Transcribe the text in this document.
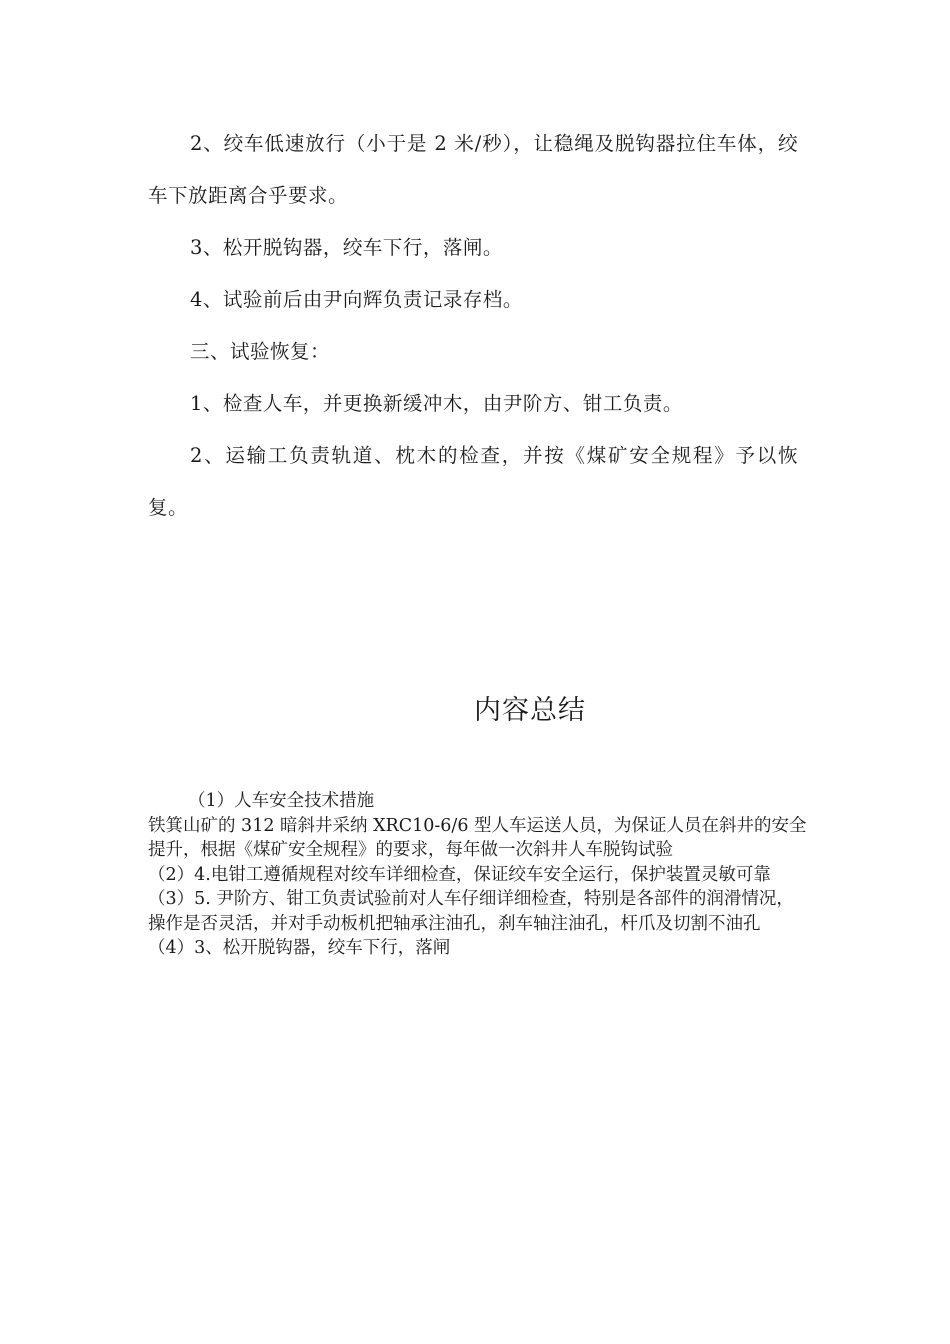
2、绞车低速放行（小于是 2 米/秒），让稳绳及脱钩器拉住车体，绞车下放距离合乎要求。

3、松开脱钩器，绞车下行，落闸。

4、试验前后由尹向辉负责记录存档。

三、试验恢复：

1、检查人车，并更换新缓冲木，由尹阶方、钳工负责。

2、运输工负责轨道、枕木的检查，并按《煤矿安全规程》予以恢复。

内容总结

（1）人车安全技术措施

铁箕山矿的 312 暗斜井采纳 XRC10-6/6 型人车运送人员，为保证人员在斜井的安全提升，根据《煤矿安全规程》的要求，每年做一次斜井人车脱钩试验

（2）4.电钳工遵循规程对绞车详细检查，保证绞车安全运行，保护装置灵敏可靠

（3）5. 尹阶方、钳工负责试验前对人车仔细详细检查，特别是各部件的润滑情况，操作是否灵活，并对手动板机把轴承注油孔，刹车轴注油孔，杆爪及切割不油孔

（4）3、松开脱钩器，绞车下行，落闸
